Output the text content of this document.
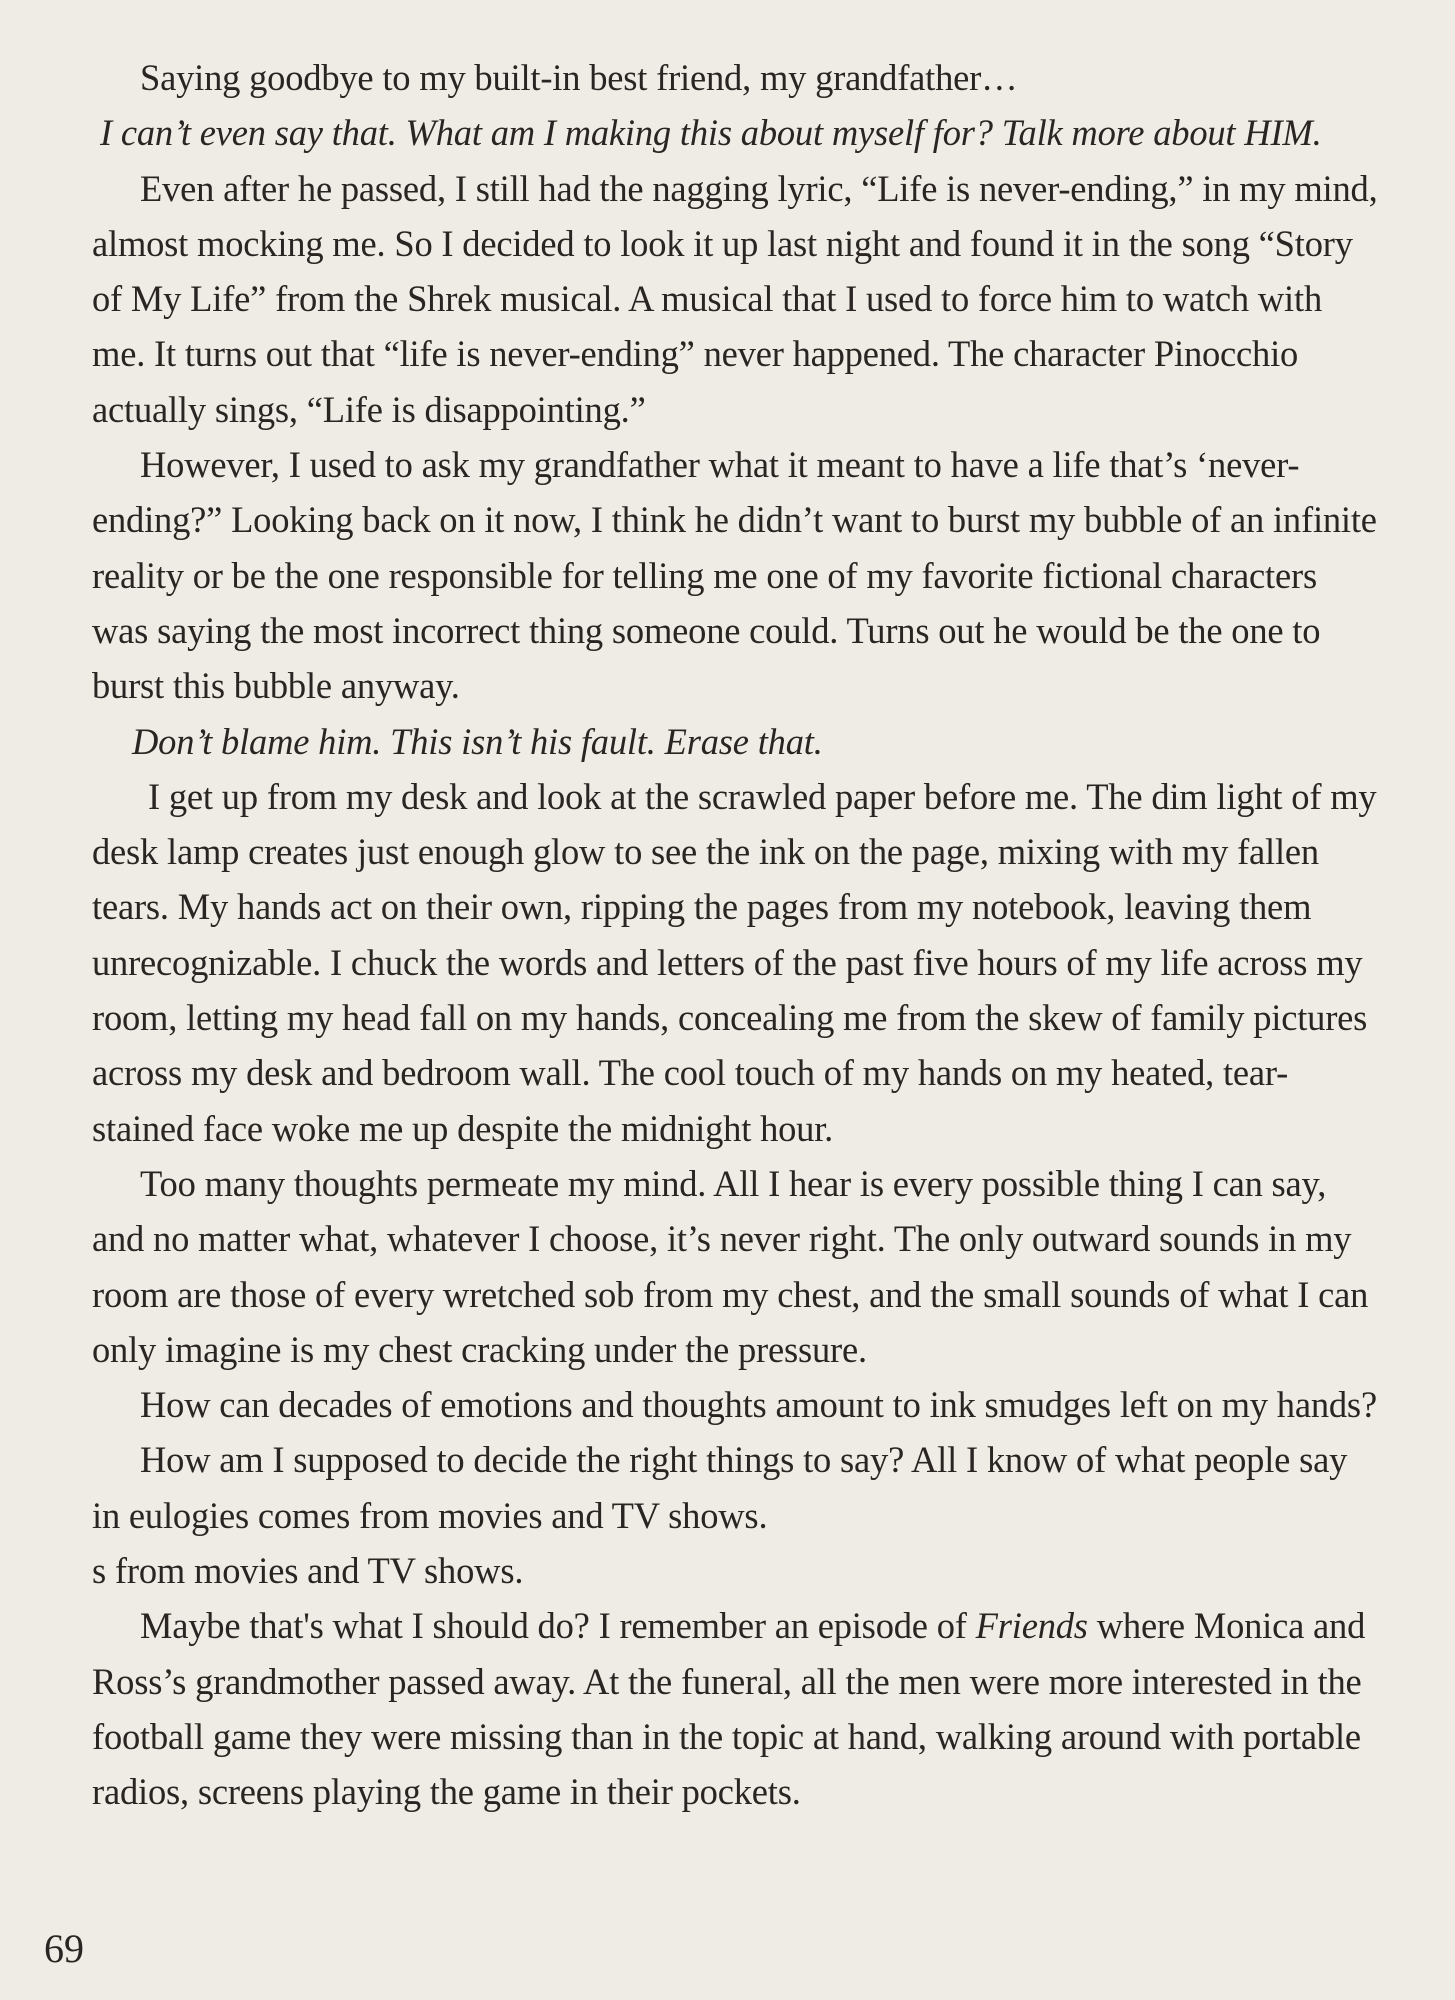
Saying goodbye to my built-in best friend, my grandfather…

I can’t even say that. What am I making this about myself for? Talk more about HIM.

Even after he passed, I still had the nagging lyric, “Life is never-ending,” in my mind, almost mocking me. So I decided to look it up last night and found it in the song “Story of My Life” from the Shrek musical. A musical that I used to force him to watch with me. It turns out that “life is never-ending” never happened. The character Pinocchio actually sings, “Life is disappointing.”

However, I used to ask my grandfather what it meant to have a life that’s ‘never-ending?” Looking back on it now, I think he didn’t want to burst my bubble of an infinite reality or be the one responsible for telling me one of my favorite fictional characters was saying the most incorrect thing someone could. Turns out he would be the one to burst this bubble anyway.

Don’t blame him. This isn’t his fault. Erase that.

I get up from my desk and look at the scrawled paper before me. The dim light of my desk lamp creates just enough glow to see the ink on the page, mixing with my fallen tears. My hands act on their own, ripping the pages from my notebook, leaving them unrecognizable. I chuck the words and letters of the past five hours of my life across my room, letting my head fall on my hands, concealing me from the skew of family pictures across my desk and bedroom wall. The cool touch of my hands on my heated, tear-stained face woke me up despite the midnight hour.

Too many thoughts permeate my mind. All I hear is every possible thing I can say, and no matter what, whatever I choose, it’s never right. The only outward sounds in my room are those of every wretched sob from my chest, and the small sounds of what I can only imagine is my chest cracking under the pressure.

How can decades of emotions and thoughts amount to ink smudges left on my hands?

How am I supposed to decide the right things to say? All I know of what people say in eulogies comes from movies and TV shows.

s from movies and TV shows.

Maybe that's what I should do? I remember an episode of Friends where Monica and Ross’s grandmother passed away. At the funeral, all the men were more interested in the football game they were missing than in the topic at hand, walking around with portable radios, screens playing the game in their pockets.

69
